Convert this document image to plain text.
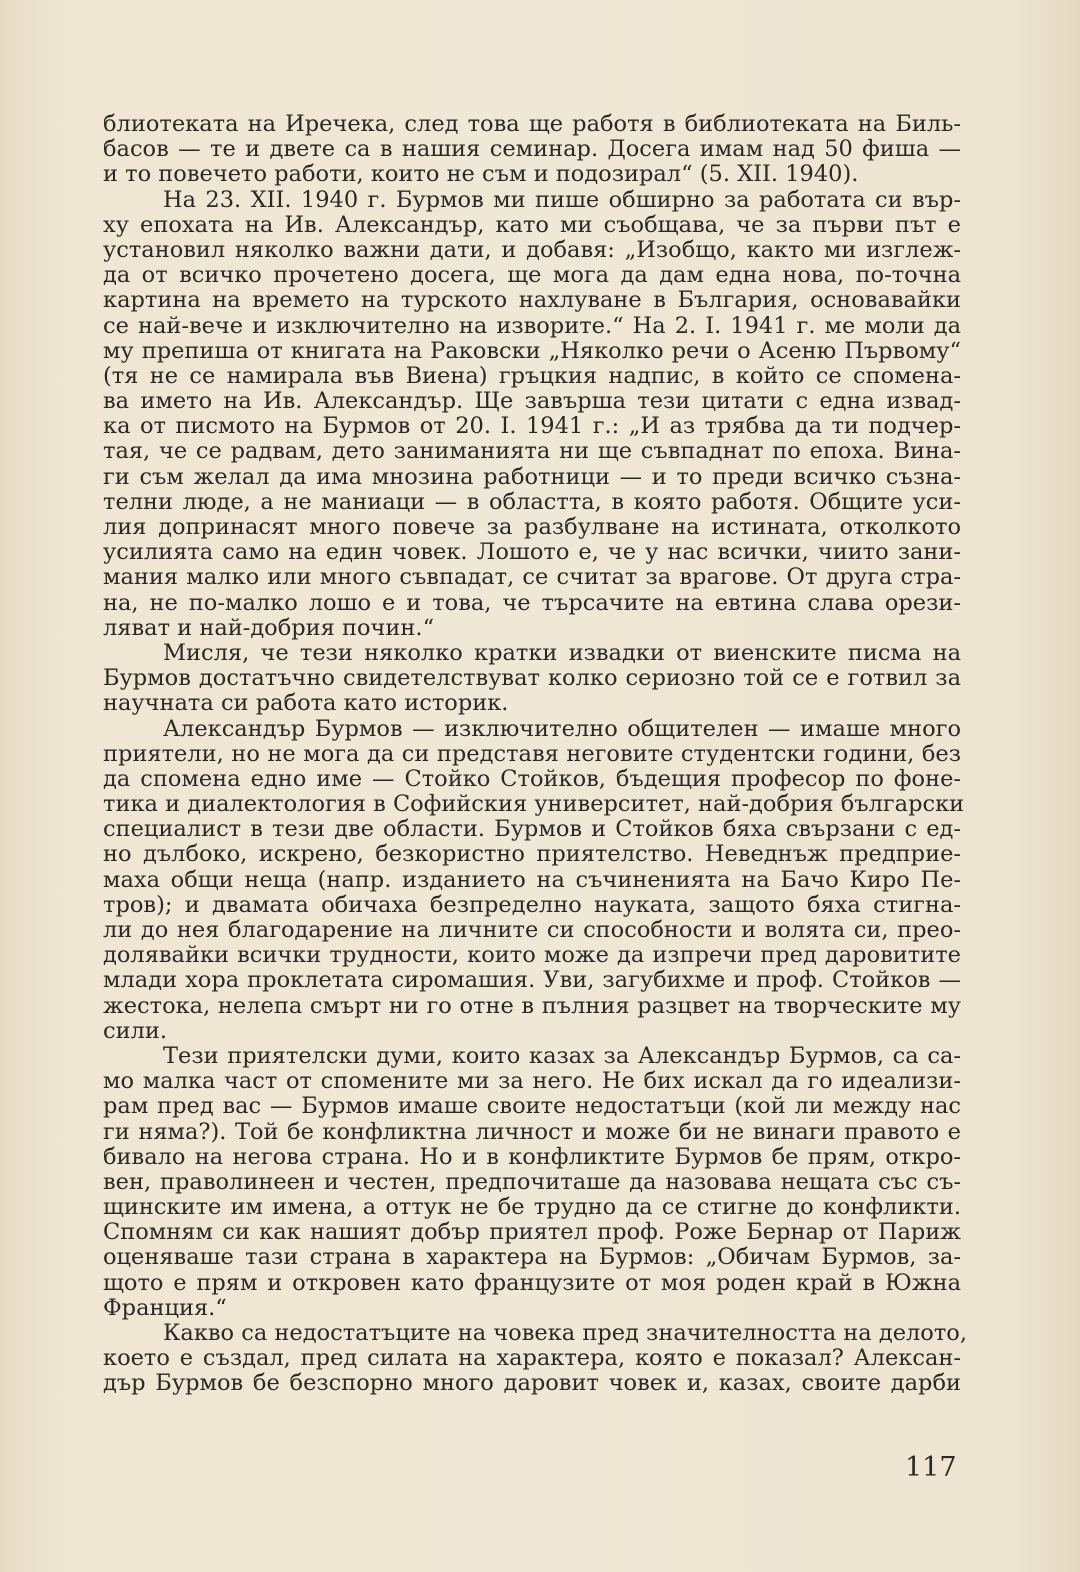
блиотеката на Иречека, след това ще работя в библиотеката на Биль-
басов — те и двете са в нашия семинар. Досега имам над 50 фиша —
и то повечето работи, които не съм и подозирал“ (5. XII. 1940).
На 23. XII. 1940 г. Бурмов ми пише обширно за работата си вър-
ху епохата на Ив. Александър, като ми съобщава, че за първи път е
установил няколко важни дати, и добавя: „Изобщо, както ми изглеж-
да от всичко прочетено досега, ще мога да дам една нова, по-точна
картина на времето на турското нахлуване в България, основавайки
се най-вече и изключително на изворите.“ На 2. I. 1941 г. ме моли да
му препиша от книгата на Раковски „Няколко речи о Асеню Първому“
(тя не се намирала във Виена) гръцкия надпис, в който се спомена-
ва името на Ив. Александър. Ще завърша тези цитати с една извад-
ка от писмото на Бурмов от 20. I. 1941 г.: „И аз трябва да ти подчер-
тая, че се радвам, дето заниманията ни ще съвпаднат по епоха. Вина-
ги съм желал да има мнозина работници — и то преди всичко съзна-
телни люде, а не маниаци — в областта, в която работя. Общите уси-
лия допринасят много повече за разбулване на истината, отколкото
усилията само на един човек. Лошото е, че у нас всички, чиито зани-
мания малко или много съвпадат, се считат за врагове. От друга стра-
на, не по-малко лошо е и това, че търсачите на евтина слава орези-
ляват и най-добрия почин.“
Мисля, че тези няколко кратки извадки от виенските писма на
Бурмов достатъчно свидетелствуват колко сериозно той се е готвил за
научната си работа като историк.
Александър Бурмов — изключително общителен — имаше много
приятели, но не мога да си представя неговите студентски години, без
да спомена едно име — Стойко Стойков, бъдещия професор по фоне-
тика и диалектология в Софийския университет, най-добрия български
специалист в тези две области. Бурмов и Стойков бяха свързани с ед-
но дълбоко, искрено, безкористно приятелство. Неведнъж предприе-
маха общи неща (напр. изданието на съчиненията на Бачо Киро Пе-
тров); и двамата обичаха безпределно науката, защото бяха стигна-
ли до нея благодарение на личните си способности и волята си, прео-
долявайки всички трудности, които може да изпречи пред даровитите
млади хора проклетата сиромашия. Уви, загубихме и проф. Стойков —
жестока, нелепа смърт ни го отне в пълния разцвет на творческите му
сили.
Тези приятелски думи, които казах за Александър Бурмов, са са-
мо малка част от спомените ми за него. Не бих искал да го идеализи-
рам пред вас — Бурмов имаше своите недостатъци (кой ли между нас
ги няма?). Той бе конфликтна личност и може би не винаги правото е
бивало на негова страна. Но и в конфликтите Бурмов бе прям, откро-
вен, праволинеен и честен, предпочиташе да назовава нещата със съ-
щинските им имена, а оттук не бе трудно да се стигне до конфликти.
Спомням си как нашият добър приятел проф. Роже Бернар от Париж
оценяваше тази страна в характера на Бурмов: „Обичам Бурмов, за-
щото е прям и откровен като французите от моя роден край в Южна
Франция.“
Какво са недостатъците на човека пред значителността на делото,
което е създал, пред силата на характера, която е показал? Алексан-
дър Бурмов бе безспорно много даровит човек и, казах, своите дарби
117
